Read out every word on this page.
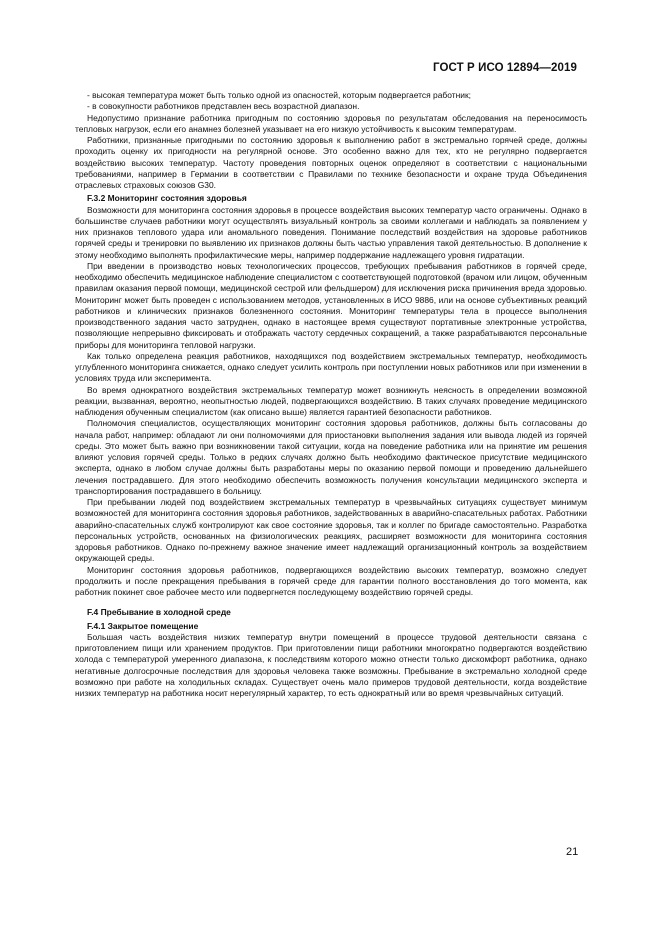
ГОСТ Р ИСО 12894—2019

- высокая температура может быть только одной из опасностей, которым подвергается работник;

- в совокупности работников представлен весь возрастной диапазон.

Недопустимо признание работника пригодным по состоянию здоровья по результатам обследования на переносимость тепловых нагрузок, если его анамнез болезней указывает на его низкую устойчивость к высоким температурам.

Работники, признанные пригодными по состоянию здоровья к выполнению работ в экстремально горячей среде, должны проходить оценку их пригодности на регулярной основе. Это особенно важно для тех, кто не регулярно подвергается воздействию высоких температур. Частоту проведения повторных оценок определяют в соответствии с национальными требованиями, например в Германии в соответствии с Правилами по технике безопасности и охране труда Объединения отраслевых страховых союзов G30.

F.3.2 Мониторинг состояния здоровья

Возможности для мониторинга состояния здоровья в процессе воздействия высоких температур часто ограничены. Однако в большинстве случаев работники могут осуществлять визуальный контроль за своими коллегами и наблюдать за появлением у них признаков теплового удара или аномального поведения. Понимание последствий воздействия на здоровье работников горячей среды и тренировки по выявлению их признаков должны быть частью управления такой деятельностью. В дополнение к этому необходимо выполнять профилактические меры, например поддержание надлежащего уровня гидратации.

При введении в производство новых технологических процессов, требующих пребывания работников в горячей среде, необходимо обеспечить медицинское наблюдение специалистом с соответствующей подготовкой (врачом или лицом, обученным правилам оказания первой помощи, медицинской сестрой или фельдшером) для исключения риска причинения вреда здоровью. Мониторинг может быть проведен с использованием методов, установленных в ИСО 9886, или на основе субъективных реакций работников и клинических признаков болезненного состояния. Мониторинг температуры тела в процессе выполнения производственного задания часто затруднен, однако в настоящее время существуют портативные электронные устройства, позволяющие непрерывно фиксировать и отображать частоту сердечных сокращений, а также разрабатываются персональные приборы для мониторинга тепловой нагрузки.

Как только определена реакция работников, находящихся под воздействием экстремальных температур, необходимость углубленного мониторинга снижается, однако следует усилить контроль при поступлении новых работников или при изменении в условиях труда или эксперимента.

Во время однократного воздействия экстремальных температур может возникнуть неясность в определении возможной реакции, вызванная, вероятно, неопытностью людей, подвергающихся воздействию. В таких случаях проведение медицинского наблюдения обученным специалистом (как описано выше) является гарантией безопасности работников.

Полномочия специалистов, осуществляющих мониторинг состояния здоровья работников, должны быть согласованы до начала работ, например: обладают ли они полномочиями для приостановки выполнения задания или вывода людей из горячей среды. Это может быть важно при возникновении такой ситуации, когда на поведение работника или на принятие им решения влияют условия горячей среды. Только в редких случаях должно быть необходимо фактическое присутствие медицинского эксперта, однако в любом случае должны быть разработаны меры по оказанию первой помощи и проведению дальнейшего лечения пострадавшего. Для этого необходимо обеспечить возможность получения консультации медицинского эксперта и транспортирования пострадавшего в больницу.

При пребывании людей под воздействием экстремальных температур в чрезвычайных ситуациях существует минимум возможностей для мониторинга состояния здоровья работников, задействованных в аварийно-спасательных работах. Работники аварийно-спасательных служб контролируют как свое состояние здоровья, так и коллег по бригаде самостоятельно. Разработка персональных устройств, основанных на физиологических реакциях, расширяет возможности для мониторинга состояния здоровья работников. Однако по-прежнему важное значение имеет надлежащий организационный контроль за воздействием окружающей среды.

Мониторинг состояния здоровья работников, подвергающихся воздействию высоких температур, возможно следует продолжить и после прекращения пребывания в горячей среде для гарантии полного восстановления до того момента, как работник покинет свое рабочее место или подвергнется последующему воздействию горячей среды.

F.4 Пребывание в холодной среде
F.4.1 Закрытое помещение

Большая часть воздействия низких температур внутри помещений в процессе трудовой деятельности связана с приготовлением пищи или хранением продуктов. При приготовлении пищи работники многократно подвергаются воздействию холода с температурой умеренного диапазона, к последствиям которого можно отнести только дискомфорт работника, однако негативные долгосрочные последствия для здоровья человека также возможны. Пребывание в экстремально холодной среде возможно при работе на холодильных складах. Существует очень мало примеров трудовой деятельности, когда воздействие низких температур на работника носит нерегулярный характер, то есть однократный или во время чрезвычайных ситуаций.

21
